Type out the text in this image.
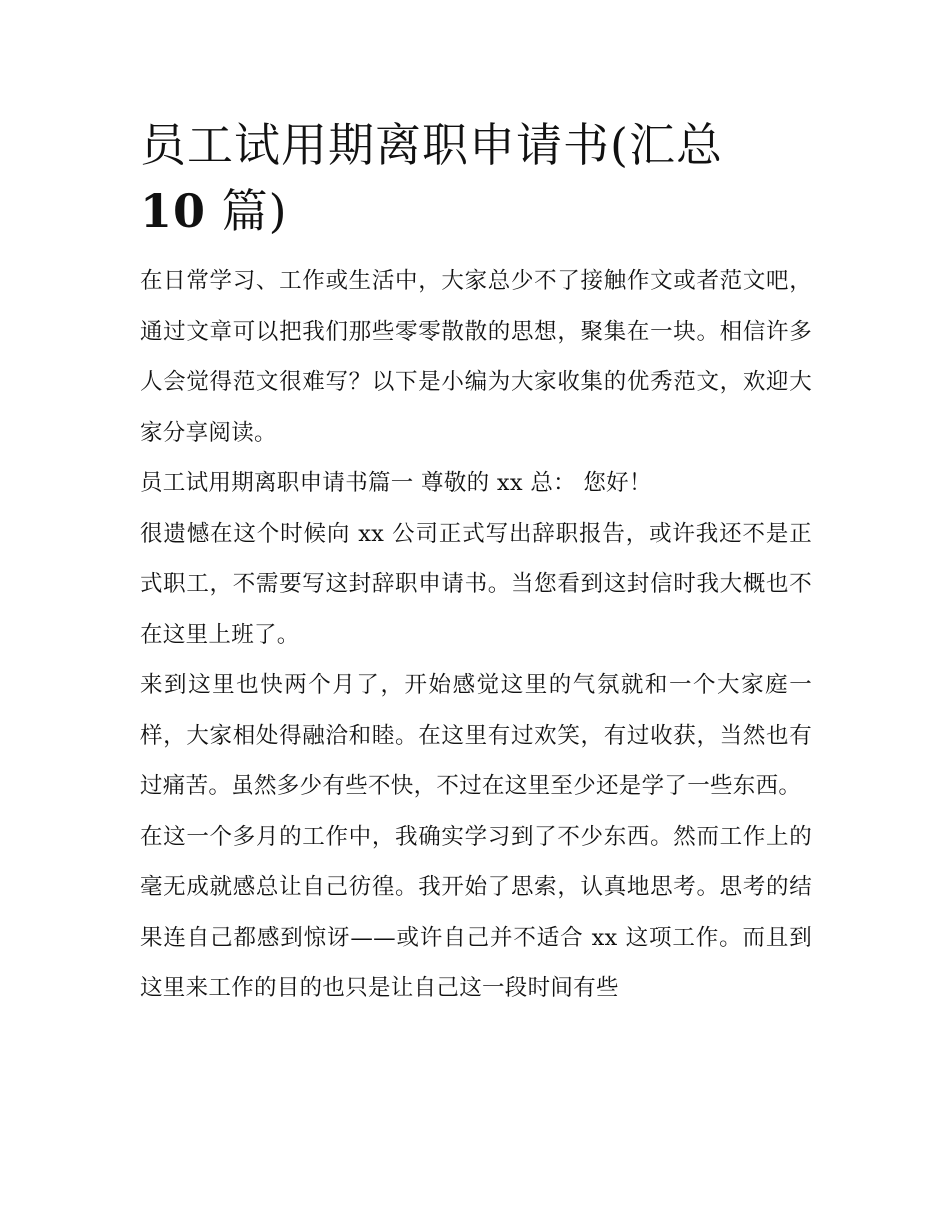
员工试用期离职申请书(汇总
10 篇)

在日常学习、工作或生活中，大家总少不了接触作文或者范文吧，通过文章可以把我们那些零零散散的思想，聚集在一块。相信许多人会觉得范文很难写？以下是小编为大家收集的优秀范文，欢迎大家分享阅读。

员工试用期离职申请书篇一 尊敬的 xx 总： 您好！

很遗憾在这个时候向 xx 公司正式写出辞职报告，或许我还不是正式职工，不需要写这封辞职申请书。当您看到这封信时我大概也不在这里上班了。

来到这里也快两个月了，开始感觉这里的气氛就和一个大家庭一样，大家相处得融洽和睦。在这里有过欢笑，有过收获，当然也有过痛苦。虽然多少有些不快，不过在这里至少还是学了一些东西。

在这一个多月的工作中，我确实学习到了不少东西。然而工作上的毫无成就感总让自己彷徨。我开始了思索，认真地思考。思考的结果连自己都感到惊讶——或许自己并不适合 xx 这项工作。而且到这里来工作的目的也只是让自己这一段时间有些
